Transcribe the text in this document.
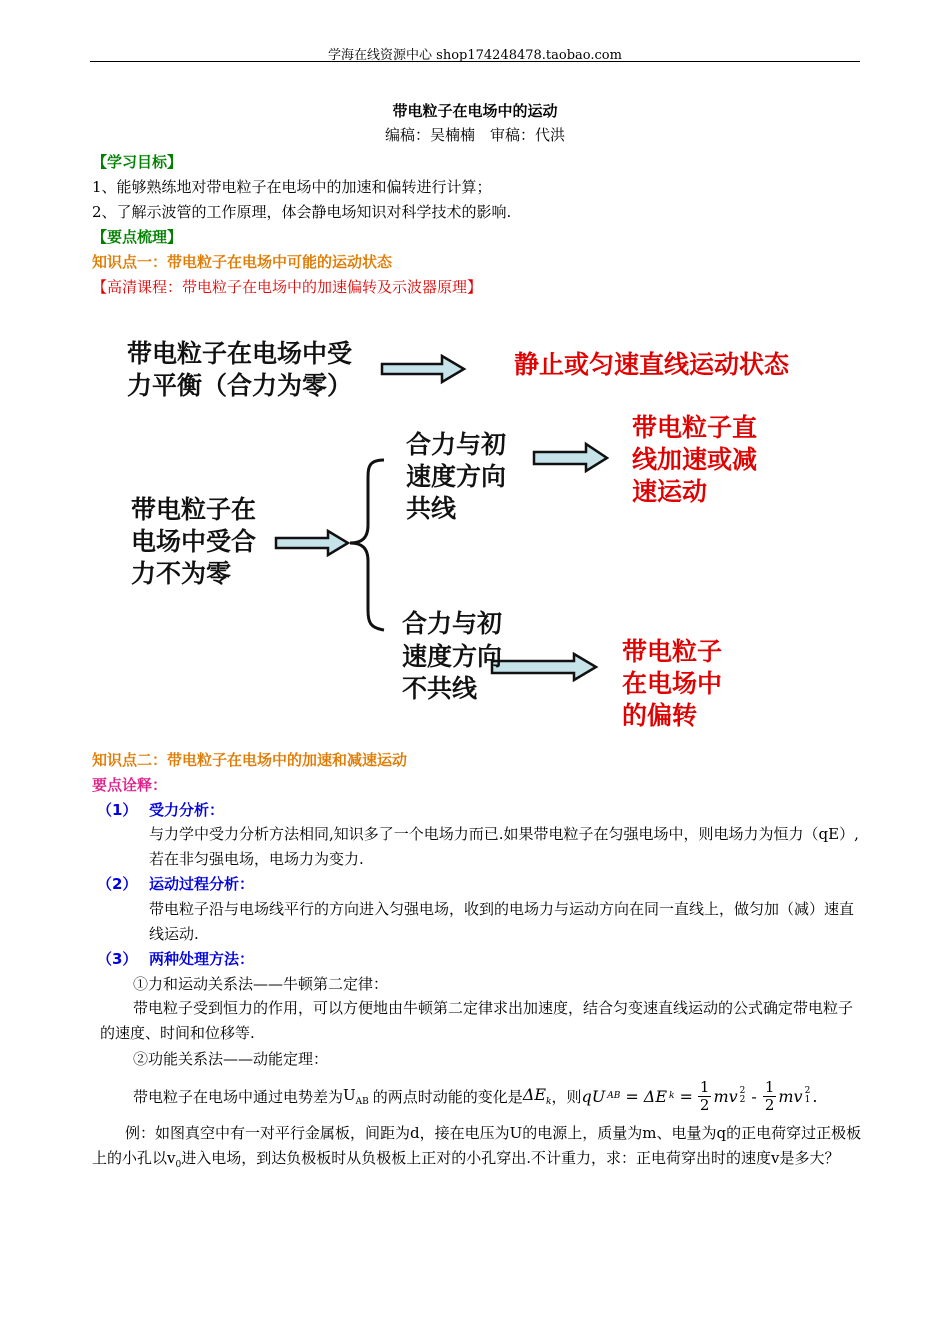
学海在线资源中心 shop174248478.taobao.com
带电粒子在电场中的运动
编稿：吴楠楠　审稿：代洪
【学习目标】
1、能够熟练地对带电粒子在电场中的加速和偏转进行计算；
2、了解示波管的工作原理，体会静电场知识对科学技术的影响.
【要点梳理】
知识点一：带电粒子在电场中可能的运动状态
【高清课程：带电粒子在电场中的加速偏转及示波器原理】
带电粒子在电场中受
力平衡（合力为零）
静止或匀速直线运动状态
带电粒子在
电场中受合
力不为零
合力与初
速度方向
共线
带电粒子直
线加速或减
速运动
合力与初
速度方向
不共线
带电粒子
在电场中
的偏转
知识点二：带电粒子在电场中的加速和减速运动
要点诠释：
（1） 受力分析：
与力学中受力分析方法相同,知识多了一个电场力而已.如果带电粒子在匀强电场中，则电场力为恒力（qE）,若在非匀强电场，电场力为变力.
（2） 运动过程分析：
带电粒子沿与电场线平行的方向进入匀强电场，收到的电场力与运动方向在同一直线上，做匀加（减）速直线运动.
（3） 两种处理方法：
①力和运动关系法——牛顿第二定律：
带电粒子受到恒力的作用，可以方便地由牛顿第二定律求出加速度，结合匀变速直线运动的公式确定带电粒子的速度、时间和位移等.
②功能关系法——动能定理：
带电粒子在电场中通过电势差为 $U_{AB}$ 的两点时动能的变化是 $\Delta E_k$ ，则 qU AB = ΔE $k = \frac{1}{2}$ mv 2
$2 - \frac{1}{2}$ mv 2
1 .
例：如图真空中有一对平行金属板，间距为d，接在电压为U的电源上，质量为m、电量为q的正电荷穿过正极板上的小孔以$v_0$进入电场，到达负极板时从负极板上正对的小孔穿出.不计重力，求：正电荷穿出时的速度v是多大？
